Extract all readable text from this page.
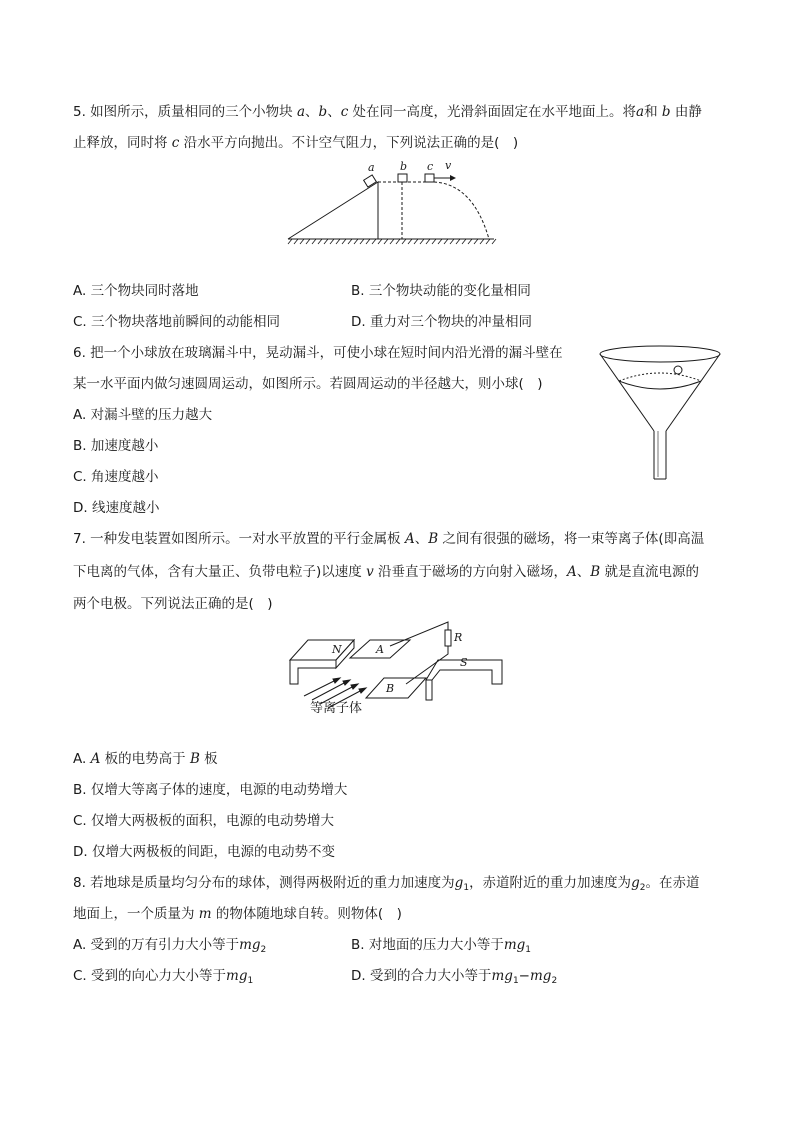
5. 如图所示，质量相同的三个小物块 a、b、c 处在同一高度，光滑斜面固定在水平地面上。将a和 b 由静
止释放，同时将 c 沿水平方向抛出。不计空气阻力，下列说法正确的是(　)
a b c v
A. 三个物块同时落地	B. 三个物块动能的变化量相同
C. 三个物块落地前瞬间的动能相同	D. 重力对三个物块的冲量相同
6. 把一个小球放在玻璃漏斗中，晃动漏斗，可使小球在短时间内沿光滑的漏斗壁在
某一水平面内做匀速圆周运动，如图所示。若圆周运动的半径越大，则小球(　)
A. 对漏斗壁的压力越大
B. 加速度越小
C. 角速度越小
D. 线速度越小
7. 一种发电装置如图所示。一对水平放置的平行金属板 A、B 之间有很强的磁场，将一束等离子体(即高温
下电离的气体，含有大量正、负带电粒子)以速度 v 沿垂直于磁场的方向射入磁场，A、B 就是直流电源的
两个电极。下列说法正确的是(　)
N	A
B
S
R
等离子体
A. A 板的电势高于 B 板
B. 仅增大等离子体的速度，电源的电动势增大
C. 仅增大两极板的面积，电源的电动势增大
D. 仅增大两极板的间距，电源的电动势不变
8. 若地球是质量均匀分布的球体，测得两极附近的重力加速度为$g_1$，赤道附近的重力加速度为$g_2$。在赤道
地面上，一个质量为 m 的物体随地球自转。则物体(　)
A. 受到的万有引力大小等于$mg_2$	B. 对地面的压力大小等于$mg_1$
C. 受到的向心力大小等于$mg_1$	D. 受到的合力大小等于$mg_1-mg_2$
